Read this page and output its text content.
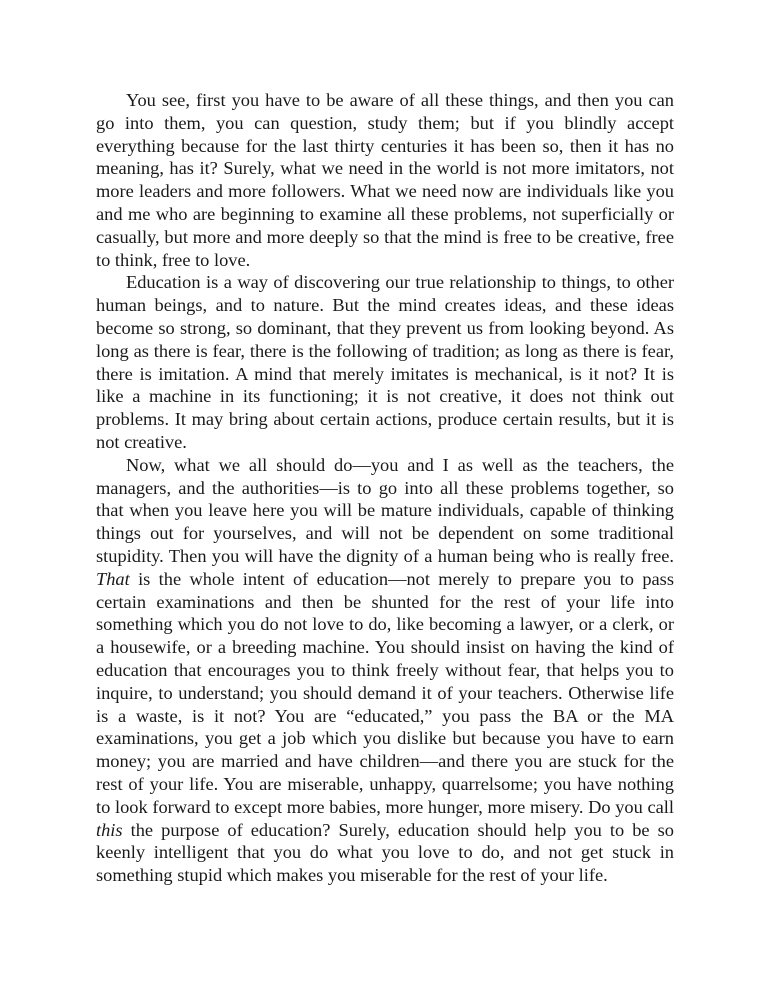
You see, first you have to be aware of all these things, and then you can go into them, you can question, study them; but if you blindly accept everything because for the last thirty centuries it has been so, then it has no meaning, has it? Surely, what we need in the world is not more imitators, not more leaders and more followers. What we need now are individuals like you and me who are beginning to examine all these problems, not superficially or casually, but more and more deeply so that the mind is free to be creative, free to think, free to love.

Education is a way of discovering our true relationship to things, to other human beings, and to nature. But the mind creates ideas, and these ideas become so strong, so dominant, that they prevent us from looking beyond. As long as there is fear, there is the following of tradition; as long as there is fear, there is imitation. A mind that merely imitates is mechanical, is it not? It is like a machine in its functioning; it is not creative, it does not think out problems. It may bring about certain actions, produce certain results, but it is not creative.

Now, what we all should do—you and I as well as the teachers, the managers, and the authorities—is to go into all these problems together, so that when you leave here you will be mature individuals, capable of thinking things out for yourselves, and will not be dependent on some traditional stupidity. Then you will have the dignity of a human being who is really free. That is the whole intent of education—not merely to prepare you to pass certain examinations and then be shunted for the rest of your life into something which you do not love to do, like becoming a lawyer, or a clerk, or a housewife, or a breeding machine. You should insist on having the kind of education that encourages you to think freely without fear, that helps you to inquire, to understand; you should demand it of your teachers. Otherwise life is a waste, is it not? You are “educated,” you pass the BA or the MA examinations, you get a job which you dislike but because you have to earn money; you are married and have children—and there you are stuck for the rest of your life. You are miserable, unhappy, quarrelsome; you have nothing to look forward to except more babies, more hunger, more misery. Do you call this the purpose of education? Surely, education should help you to be so keenly intelligent that you do what you love to do, and not get stuck in something stupid which makes you miserable for the rest of your life.
